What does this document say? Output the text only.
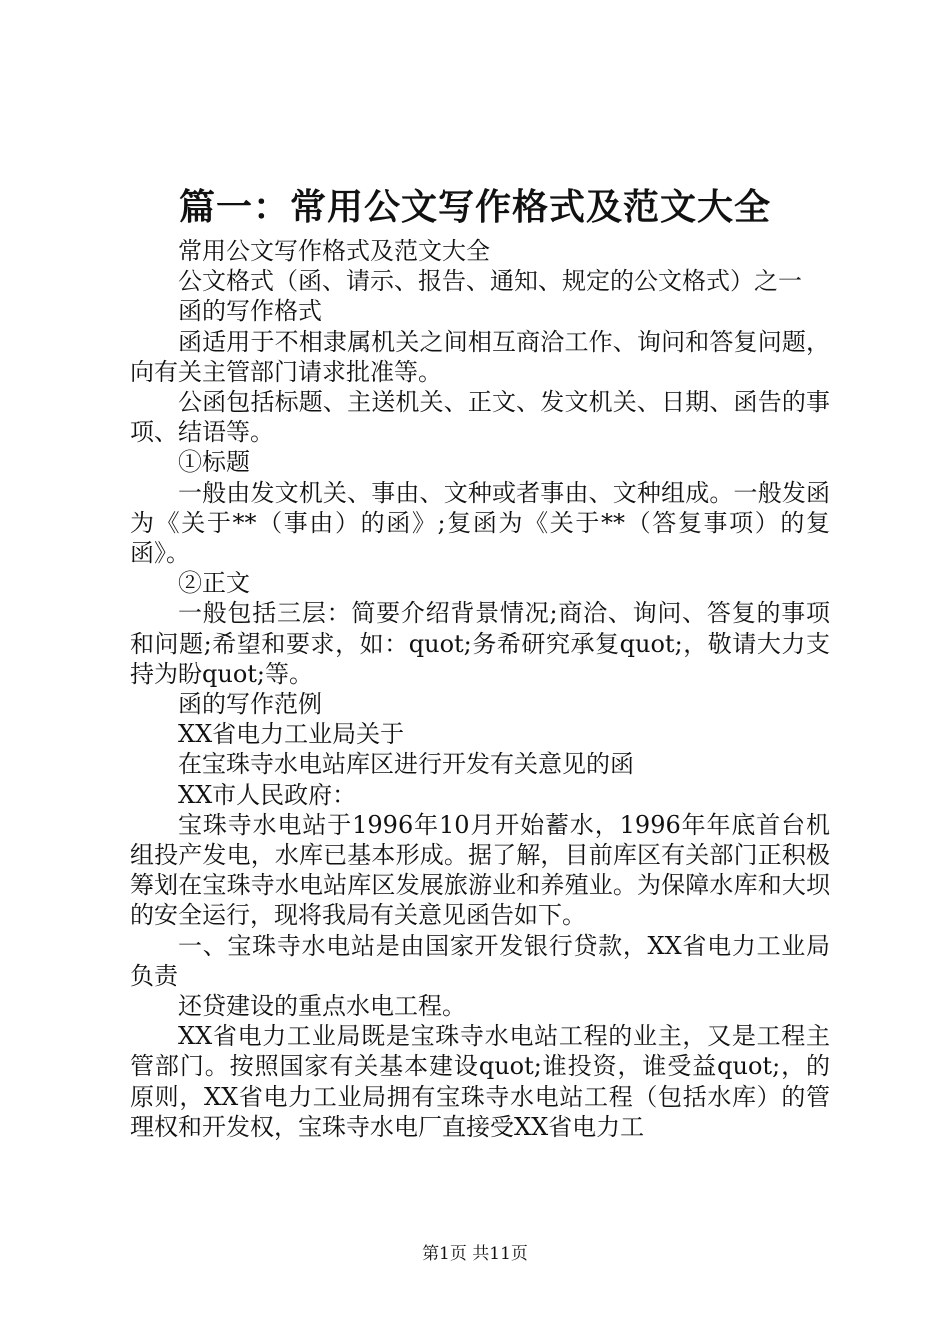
篇一：常用公文写作格式及范文大全

常用公文写作格式及范文大全

公文格式（函、请示、报告、通知、规定的公文格式）之一

函的写作格式

函适用于不相隶属机关之间相互商洽工作、询问和答复问题，向有关主管部门请求批准等。

公函包括标题、主送机关、正文、发文机关、日期、函告的事项、结语等。

①标题

一般由发文机关、事由、文种或者事由、文种组成。一般发函为《关于**（事由）的函》;复函为《关于**（答复事项）的复函》。

②正文

一般包括三层：简要介绍背景情况;商洽、询问、答复的事项和问题;希望和要求，如：quot;务希研究承复quot;，敬请大力支持为盼quot;等。

函的写作范例

XX省电力工业局关于

在宝珠寺水电站库区进行开发有关意见的函

XX市人民政府：

宝珠寺水电站于1996年10月开始蓄水，1996年年底首台机组投产发电，水库已基本形成。据了解，目前库区有关部门正积极筹划在宝珠寺水电站库区发展旅游业和养殖业。为保障水库和大坝的安全运行，现将我局有关意见函告如下。

一、宝珠寺水电站是由国家开发银行贷款，XX省电力工业局负责

还贷建设的重点水电工程。

XX省电力工业局既是宝珠寺水电站工程的业主，又是工程主管部门。按照国家有关基本建设quot;谁投资，谁受益quot;，的原则，XX省电力工业局拥有宝珠寺水电站工程（包括水库）的管理权和开发权，宝珠寺水电厂直接受XX省电力工

第1页 共11页
